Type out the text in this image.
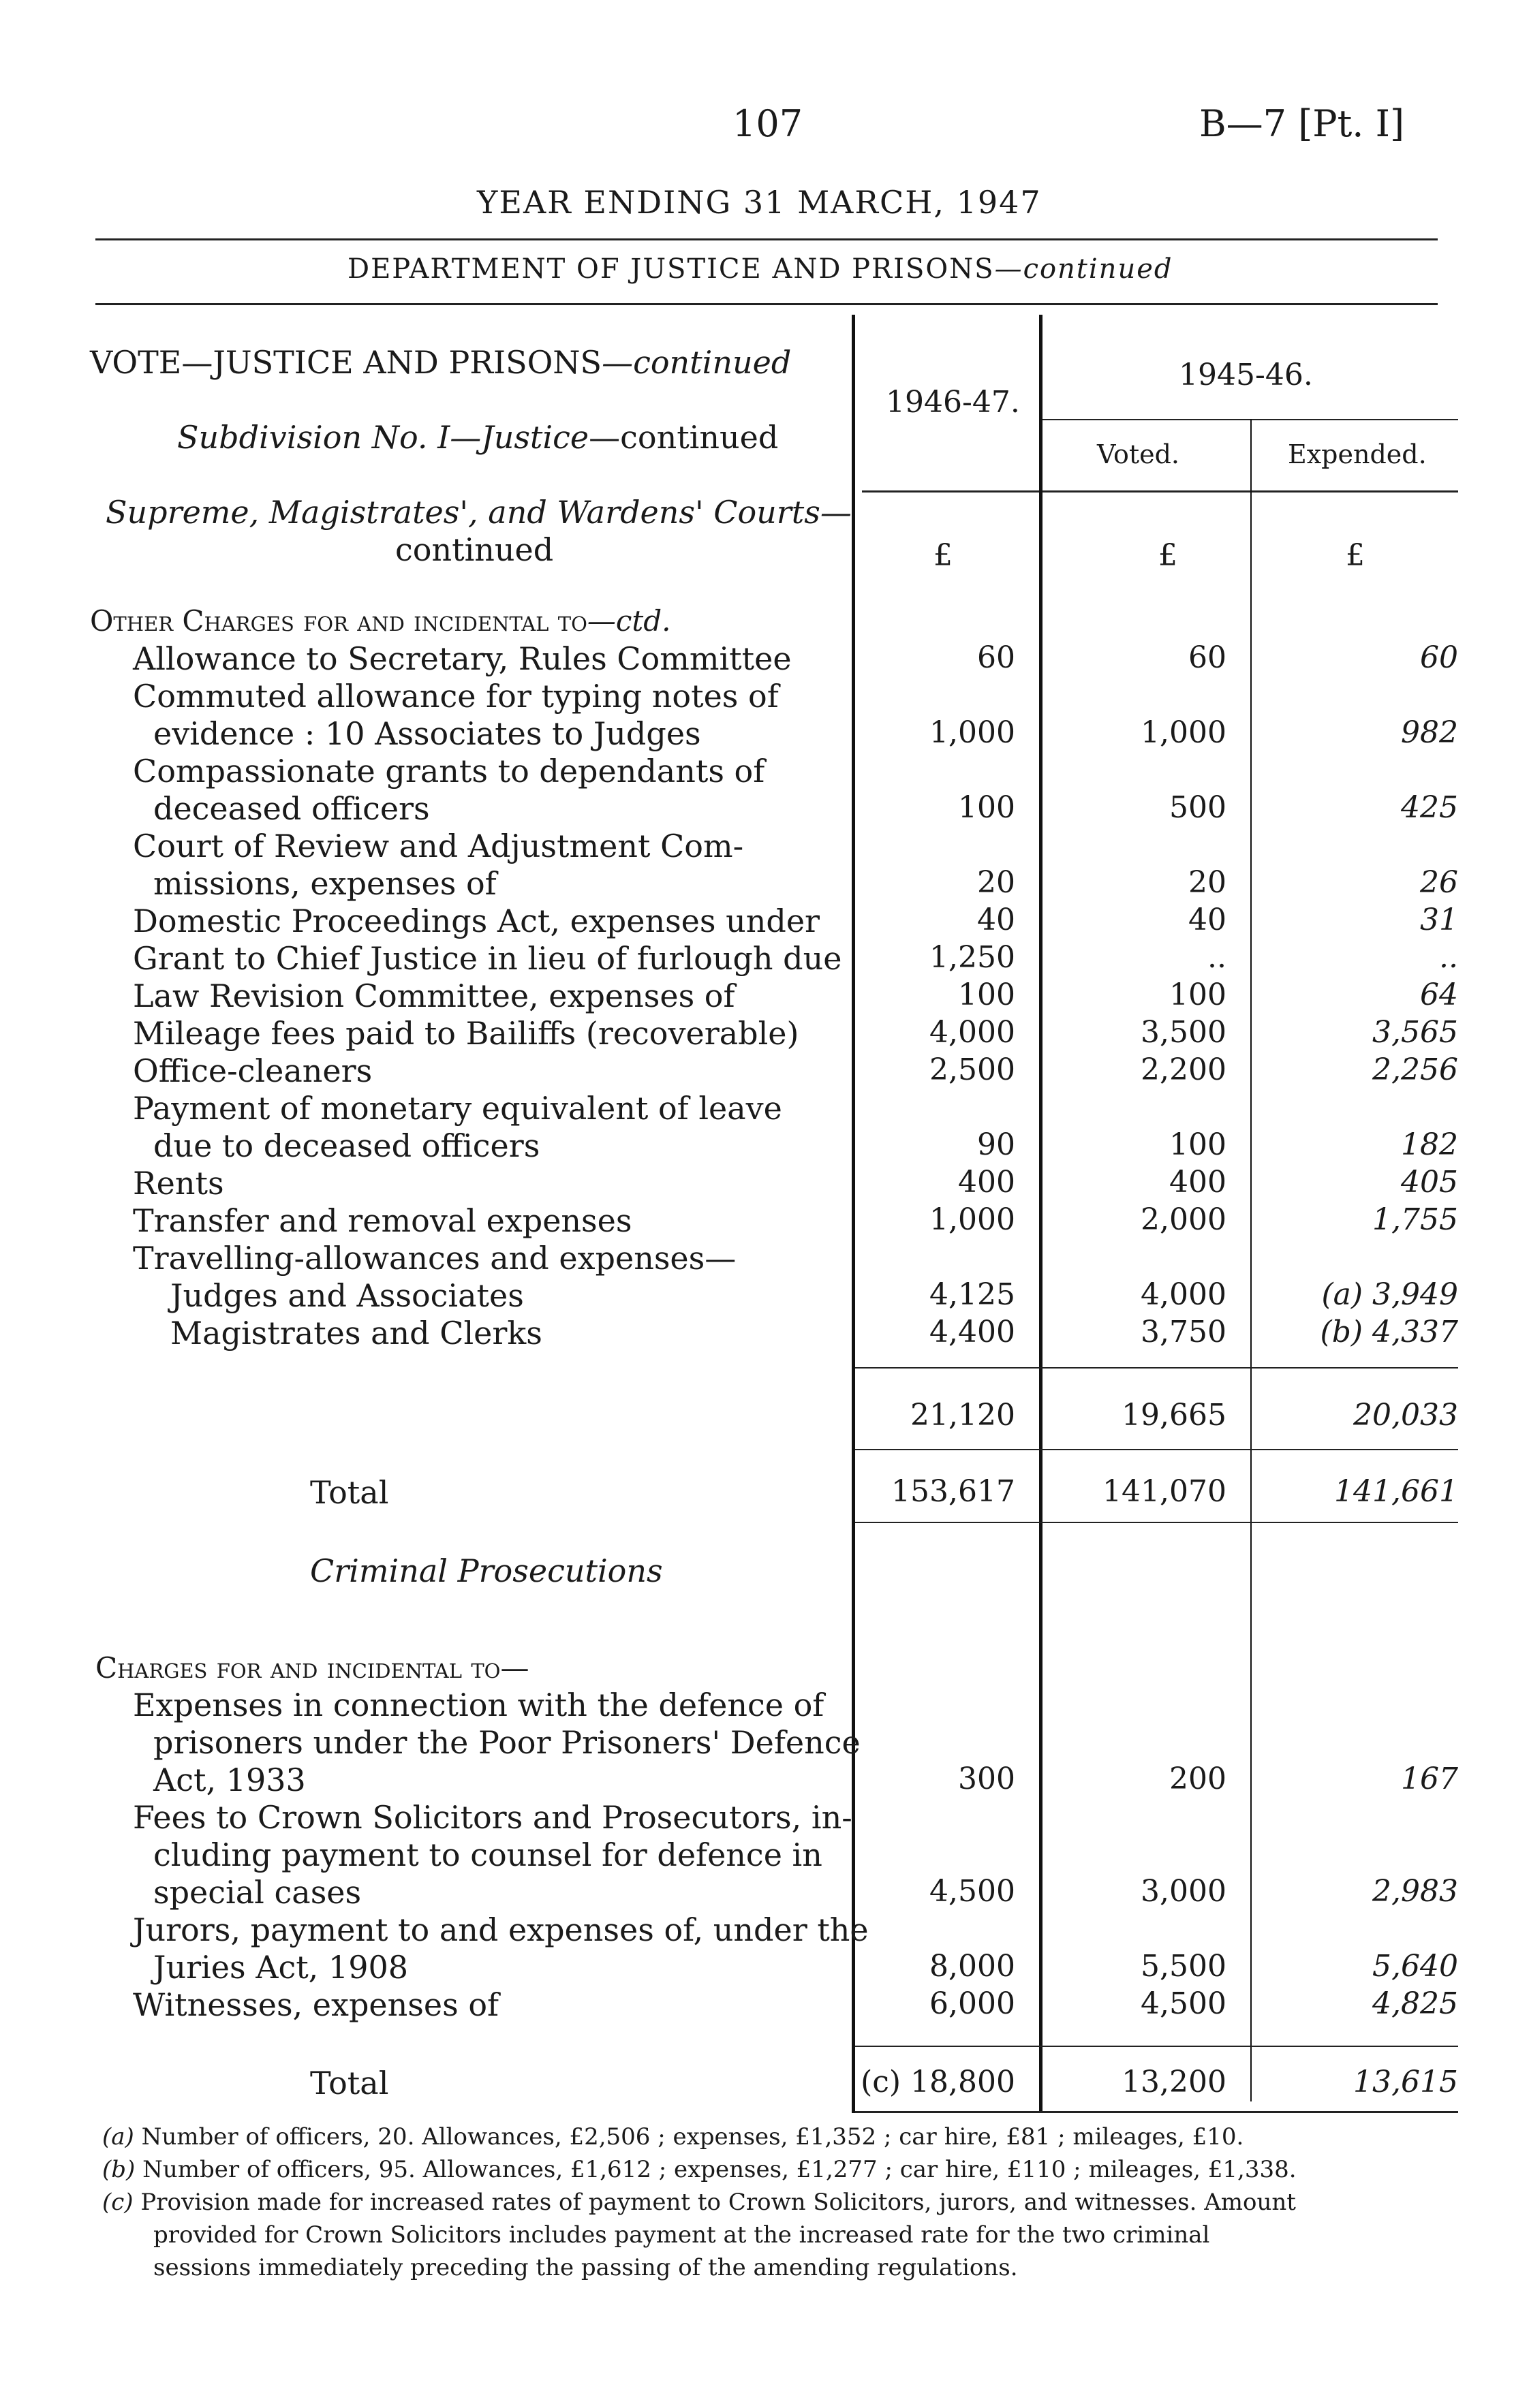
107	B—7 [Pt. I]
YEAR ENDING 31 MARCH, 1947
DEPARTMENT OF JUSTICE AND PRISONS—continued
VOTE—JUSTICE AND PRISONS—continued
Subdivision No. I—Justice—continued
Supreme, Magistrates', and Wardens' Courts—
continued
Other Charges for and incidental to—ctd.
1946-47.
1945-46.
Voted.	Expended.
£	£	£
Allowance to Secretary, Rules Committee	60	60	60
Commuted allowance for typing notes of
evidence : 10 Associates to Judges	1,000	1,000	982
Compassionate grants to dependants of
deceased officers	100	500	425
Court of Review and Adjustment Com-
missions, expenses of	20	20	26
Domestic Proceedings Act, expenses under	40	40	31
Grant to Chief Justice in lieu of furlough due	1,250	..	..
Law Revision Committee, expenses of	100	100	64
Mileage fees paid to Bailiffs (recoverable)	4,000	3,500	3,565
Office-cleaners	2,500	2,200	2,256
Payment of monetary equivalent of leave
due to deceased officers	90	100	182
Rents	400	400	405
Transfer and removal expenses	1,000	2,000	1,755
Travelling-allowances and expenses—
Judges and Associates	4,125	4,000	(a) 3,949
Magistrates and Clerks	4,400	3,750	(b) 4,337
21,120	19,665	20,033
Total	153,617	141,070	141,661
Criminal Prosecutions
Charges for and incidental to—
Expenses in connection with the defence of
prisoners under the Poor Prisoners' Defence
Act, 1933	300	200	167
Fees to Crown Solicitors and Prosecutors, in-
cluding payment to counsel for defence in
special cases	4,500	3,000	2,983
Jurors, payment to and expenses of, under the
Juries Act, 1908	8,000	5,500	5,640
Witnesses, expenses of	6,000	4,500	4,825
Total	(c) 18,800	13,200	13,615
(a) Number of officers, 20. Allowances, £2,506 ; expenses, £1,352 ; car hire, £81 ; mileages, £10.
(b) Number of officers, 95. Allowances, £1,612 ; expenses, £1,277 ; car hire, £110 ; mileages, £1,338.
(c) Provision made for increased rates of payment to Crown Solicitors, jurors, and witnesses. Amount
provided for Crown Solicitors includes payment at the increased rate for the two criminal
sessions immediately preceding the passing of the amending regulations.
